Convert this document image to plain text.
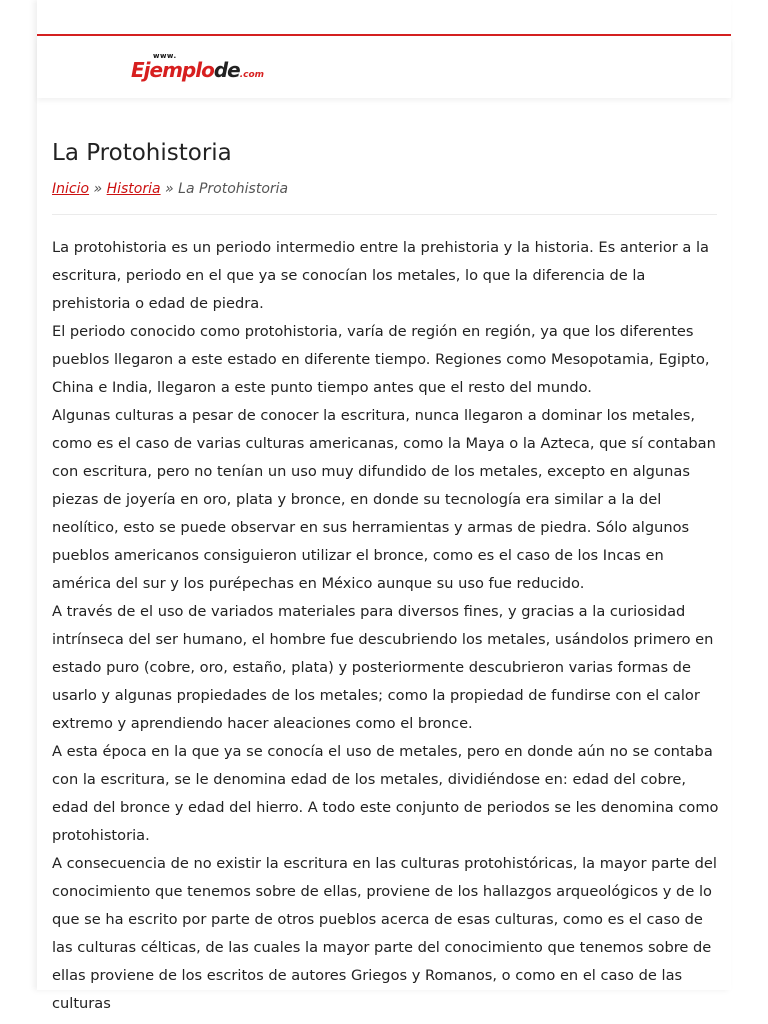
www.
Ejemplode.com
La Protohistoria
Inicio » Historia » La Protohistoria

La protohistoria es un periodo intermedio entre la prehistoria y la historia. Es anterior a la escritura, periodo en el que ya se conocían los metales, lo que la diferencia de la prehistoria o edad de piedra.

El periodo conocido como protohistoria, varía de región en región, ya que los diferentes pueblos llegaron a este estado en diferente tiempo. Regiones como Mesopotamia, Egipto, China e India, llegaron a este punto tiempo antes que el resto del mundo.

Algunas culturas a pesar de conocer la escritura, nunca llegaron a dominar los metales, como es el caso de varias culturas americanas, como la Maya o la Azteca, que sí contaban con escritura, pero no tenían un uso muy difundido de los metales, excepto en algunas piezas de joyería en oro, plata y bronce, en donde su tecnología era similar a la del neolítico, esto se puede observar en sus herramientas y armas de piedra. Sólo algunos pueblos americanos consiguieron utilizar el bronce, como es el caso de los Incas en américa del sur y los purépechas en México aunque su uso fue reducido.

A través de el uso de variados materiales para diversos fines, y gracias a la curiosidad intrínseca del ser humano, el hombre fue descubriendo los metales, usándolos primero en estado puro (cobre, oro, estaño, plata) y posteriormente descubrieron varias formas de usarlo y algunas propiedades de los metales; como la propiedad de fundirse con el calor extremo y aprendiendo hacer aleaciones como el bronce.

A esta época en la que ya se conocía el uso de metales, pero en donde aún no se contaba con la escritura, se le denomina edad de los metales, dividiéndose en: edad del cobre, edad del bronce y edad del hierro. A todo este conjunto de periodos se les denomina como protohistoria.

A consecuencia de no existir la escritura en las culturas protohistóricas, la mayor parte del conocimiento que tenemos sobre de ellas, proviene de los hallazgos arqueológicos y de lo que se ha escrito por parte de otros pueblos acerca de esas culturas, como es el caso de las culturas célticas, de las cuales la mayor parte del conocimiento que tenemos sobre de ellas proviene de los escritos de autores Griegos y Romanos, o como en el caso de las culturas
